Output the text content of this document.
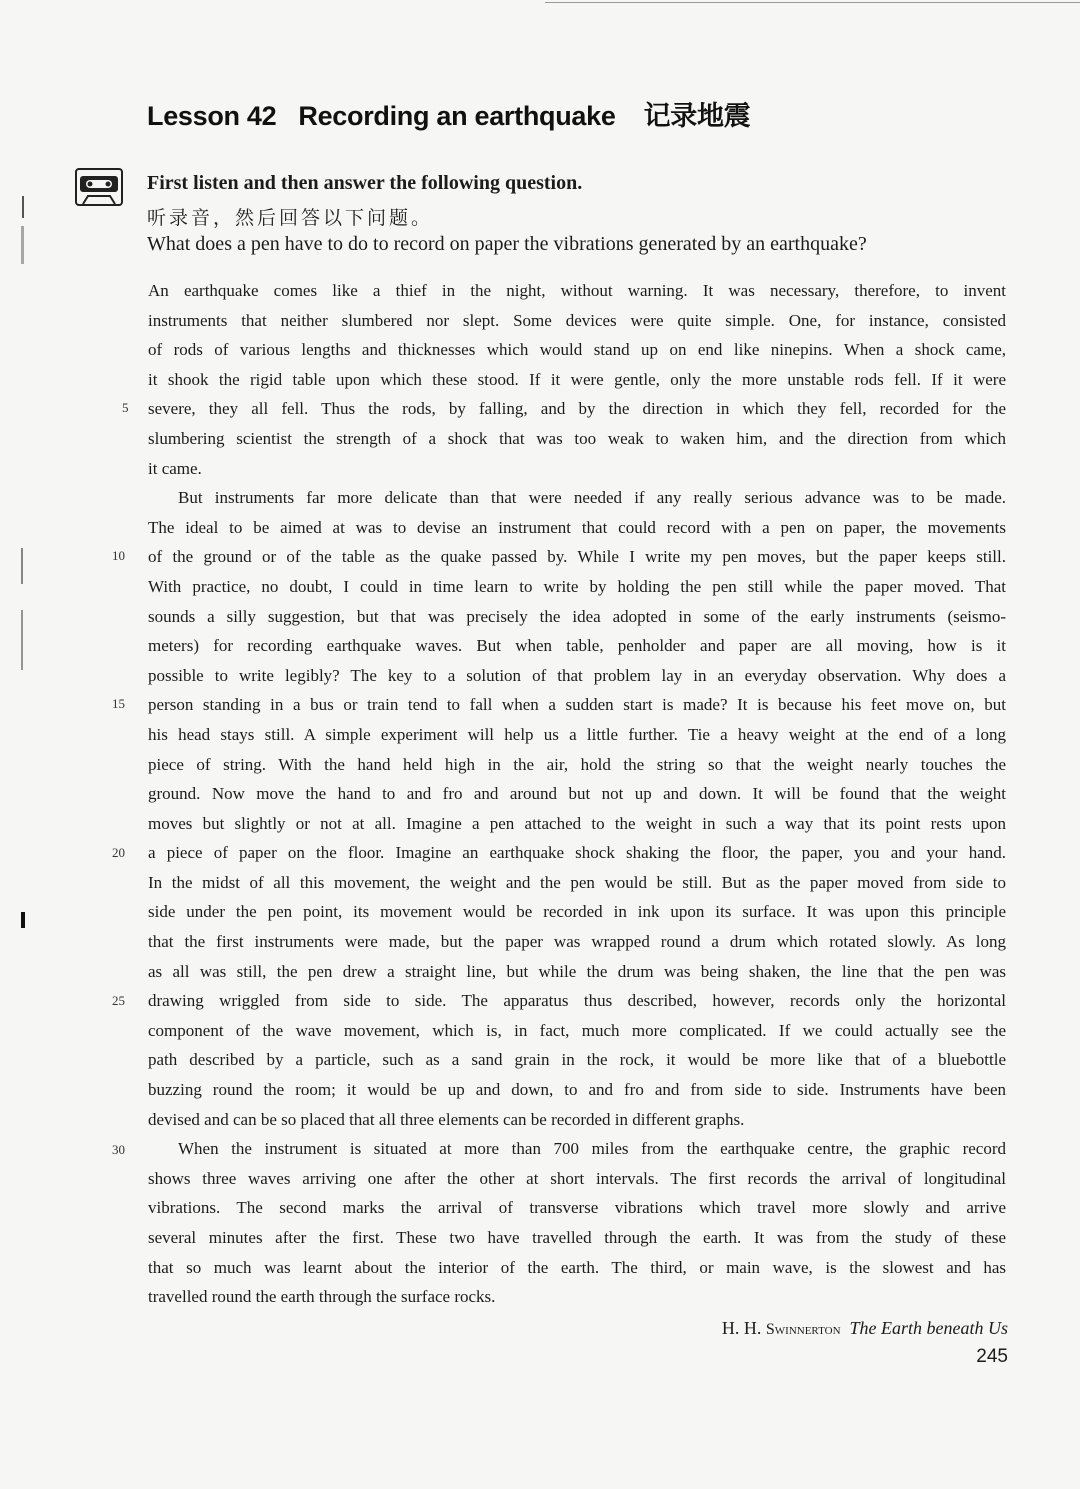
Lesson 42 Recording an earthquake 记录地震
First listen and then answer the following question.
听录音，然后回答以下问题。
What does a pen have to do to record on paper the vibrations generated by an earthquake?
5
10
15
20
25
30
An earthquake comes like a thief in the night, without warning. It was necessary, therefore, to invent
instruments that neither slumbered nor slept. Some devices were quite simple. One, for instance, consisted
of rods of various lengths and thicknesses which would stand up on end like ninepins. When a shock came,
it shook the rigid table upon which these stood. If it were gentle, only the more unstable rods fell. If it were
severe, they all fell. Thus the rods, by falling, and by the direction in which they fell, recorded for the
slumbering scientist the strength of a shock that was too weak to waken him, and the direction from which
it came.
But instruments far more delicate than that were needed if any really serious advance was to be made.
The ideal to be aimed at was to devise an instrument that could record with a pen on paper, the movements
of the ground or of the table as the quake passed by. While I write my pen moves, but the paper keeps still.
With practice, no doubt, I could in time learn to write by holding the pen still while the paper moved. That
sounds a silly suggestion, but that was precisely the idea adopted in some of the early instruments (seismo-
meters) for recording earthquake waves. But when table, penholder and paper are all moving, how is it
possible to write legibly? The key to a solution of that problem lay in an everyday observation. Why does a
person standing in a bus or train tend to fall when a sudden start is made? It is because his feet move on, but
his head stays still. A simple experiment will help us a little further. Tie a heavy weight at the end of a long
piece of string. With the hand held high in the air, hold the string so that the weight nearly touches the
ground. Now move the hand to and fro and around but not up and down. It will be found that the weight
moves but slightly or not at all. Imagine a pen attached to the weight in such a way that its point rests upon
a piece of paper on the floor. Imagine an earthquake shock shaking the floor, the paper, you and your hand.
In the midst of all this movement, the weight and the pen would be still. But as the paper moved from side to
side under the pen point, its movement would be recorded in ink upon its surface. It was upon this principle
that the first instruments were made, but the paper was wrapped round a drum which rotated slowly. As long
as all was still, the pen drew a straight line, but while the drum was being shaken, the line that the pen was
drawing wriggled from side to side. The apparatus thus described, however, records only the horizontal
component of the wave movement, which is, in fact, much more complicated. If we could actually see the
path described by a particle, such as a sand grain in the rock, it would be more like that of a bluebottle
buzzing round the room; it would be up and down, to and fro and from side to side. Instruments have been
devised and can be so placed that all three elements can be recorded in different graphs.
When the instrument is situated at more than 700 miles from the earthquake centre, the graphic record
shows three waves arriving one after the other at short intervals. The first records the arrival of longitudinal
vibrations. The second marks the arrival of transverse vibrations which travel more slowly and arrive
several minutes after the first. These two have travelled through the earth. It was from the study of these
that so much was learnt about the interior of the earth. The third, or main wave, is the slowest and has
travelled round the earth through the surface rocks.
H. H. Swinnerton The Earth beneath Us
245
